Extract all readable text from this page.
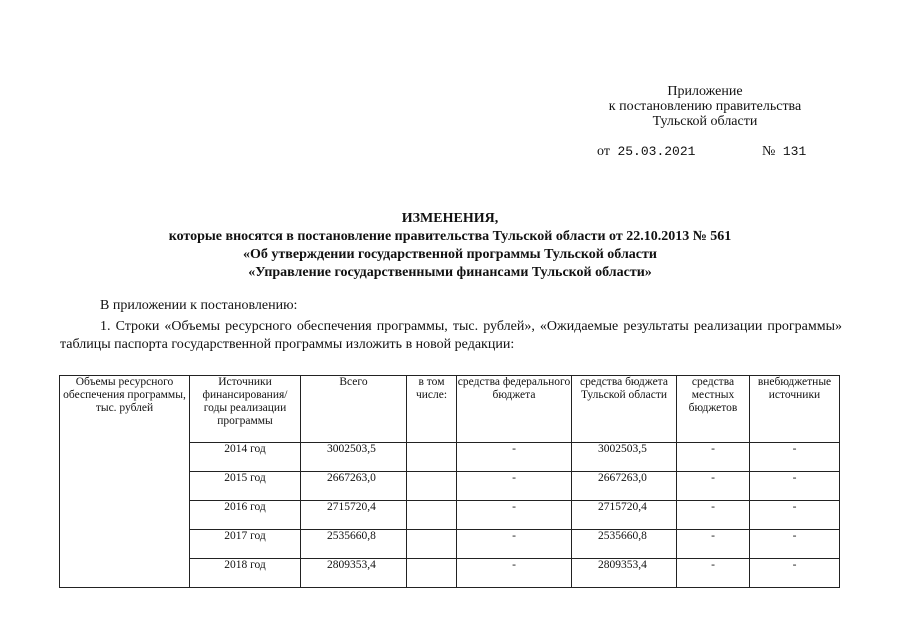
Приложение
к постановлению правительства
Тульской области
от 25.03.2021	№ 131
ИЗМЕНЕНИЯ,
которые вносятся в постановление правительства Тульской области от 22.10.2013 № 561
«Об утверждении государственной программы Тульской области
«Управление государственными финансами Тульской области»
В приложении к постановлению:
1. Строки «Объемы ресурсного обеспечения программы, тыс. рублей», «Ожидаемые результаты реализации программы» таблицы паспорта государственной программы изложить в новой редакции:
Объемы ресурсного обеспечения программы, тыс. рублей	Источники финансирования/ годы реализации программы	Всего	в том числе:	средства федерального бюджета	средства бюджета Тульской области	средства местных бюджетов	внебюджетные источники
	2014 год	3002503,5		-	3002503,5	-	-
	2015 год	2667263,0		-	2667263,0	-	-
	2016 год	2715720,4		-	2715720,4	-	-
	2017 год	2535660,8		-	2535660,8	-	-
	2018 год	2809353,4		-	2809353,4	-	-
